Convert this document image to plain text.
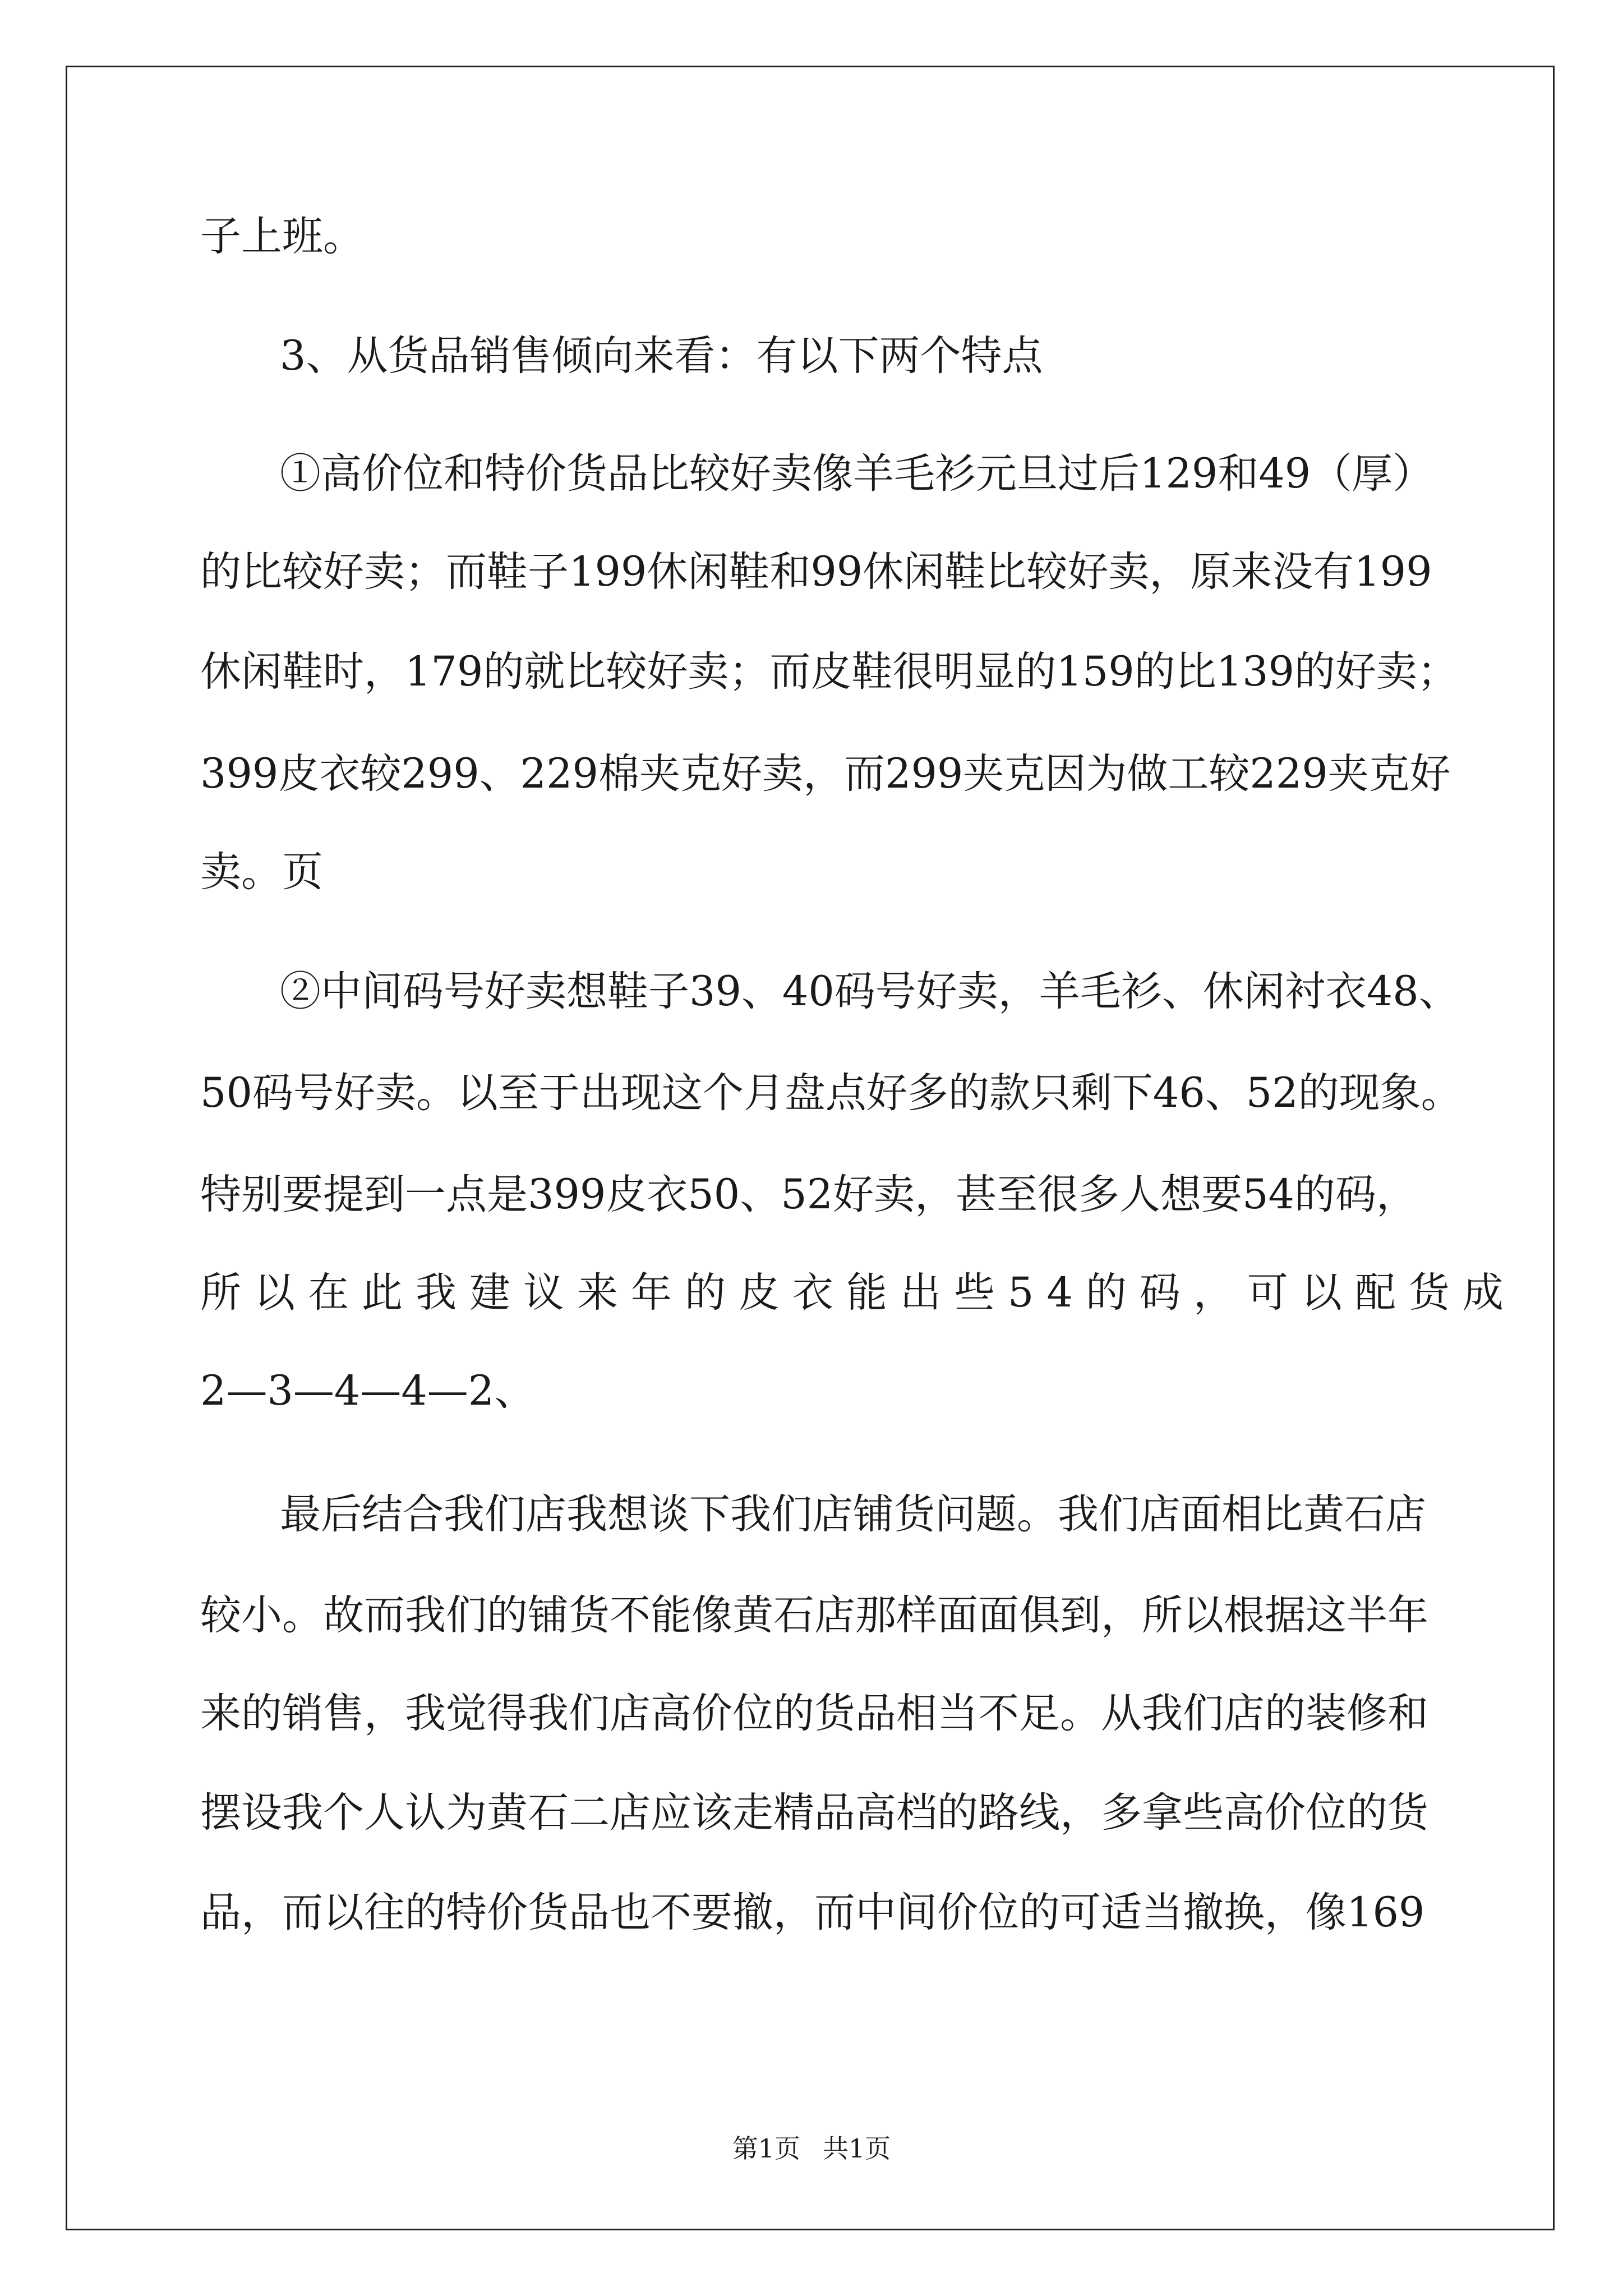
子上班。
3、从货品销售倾向来看：有以下两个特点
①高价位和特价货品比较好卖像羊毛衫元旦过后129和49（厚）
的比较好卖；而鞋子199休闲鞋和99休闲鞋比较好卖，原来没有199
休闲鞋时，179的就比较好卖；而皮鞋很明显的159的比139的好卖；
399皮衣较299、229棉夹克好卖，而299夹克因为做工较229夹克好
卖。页
②中间码号好卖想鞋子39、40码号好卖，羊毛衫、休闲衬衣48、
50码号好卖。以至于出现这个月盘点好多的款只剩下46、52的现象。
特别要提到一点是399皮衣50、52好卖，甚至很多人想要54的码，
所以在此我建议来年的皮衣能出些54的码，可以配货成
2—3—4—4—2、
最后结合我们店我想谈下我们店铺货问题。我们店面相比黄石店
较小。故而我们的铺货不能像黄石店那样面面俱到，所以根据这半年
来的销售，我觉得我们店高价位的货品相当不足。从我们店的装修和
摆设我个人认为黄石二店应该走精品高档的路线，多拿些高价位的货
品，而以往的特价货品也不要撤，而中间价位的可适当撤换，像169
第1页 共1页
